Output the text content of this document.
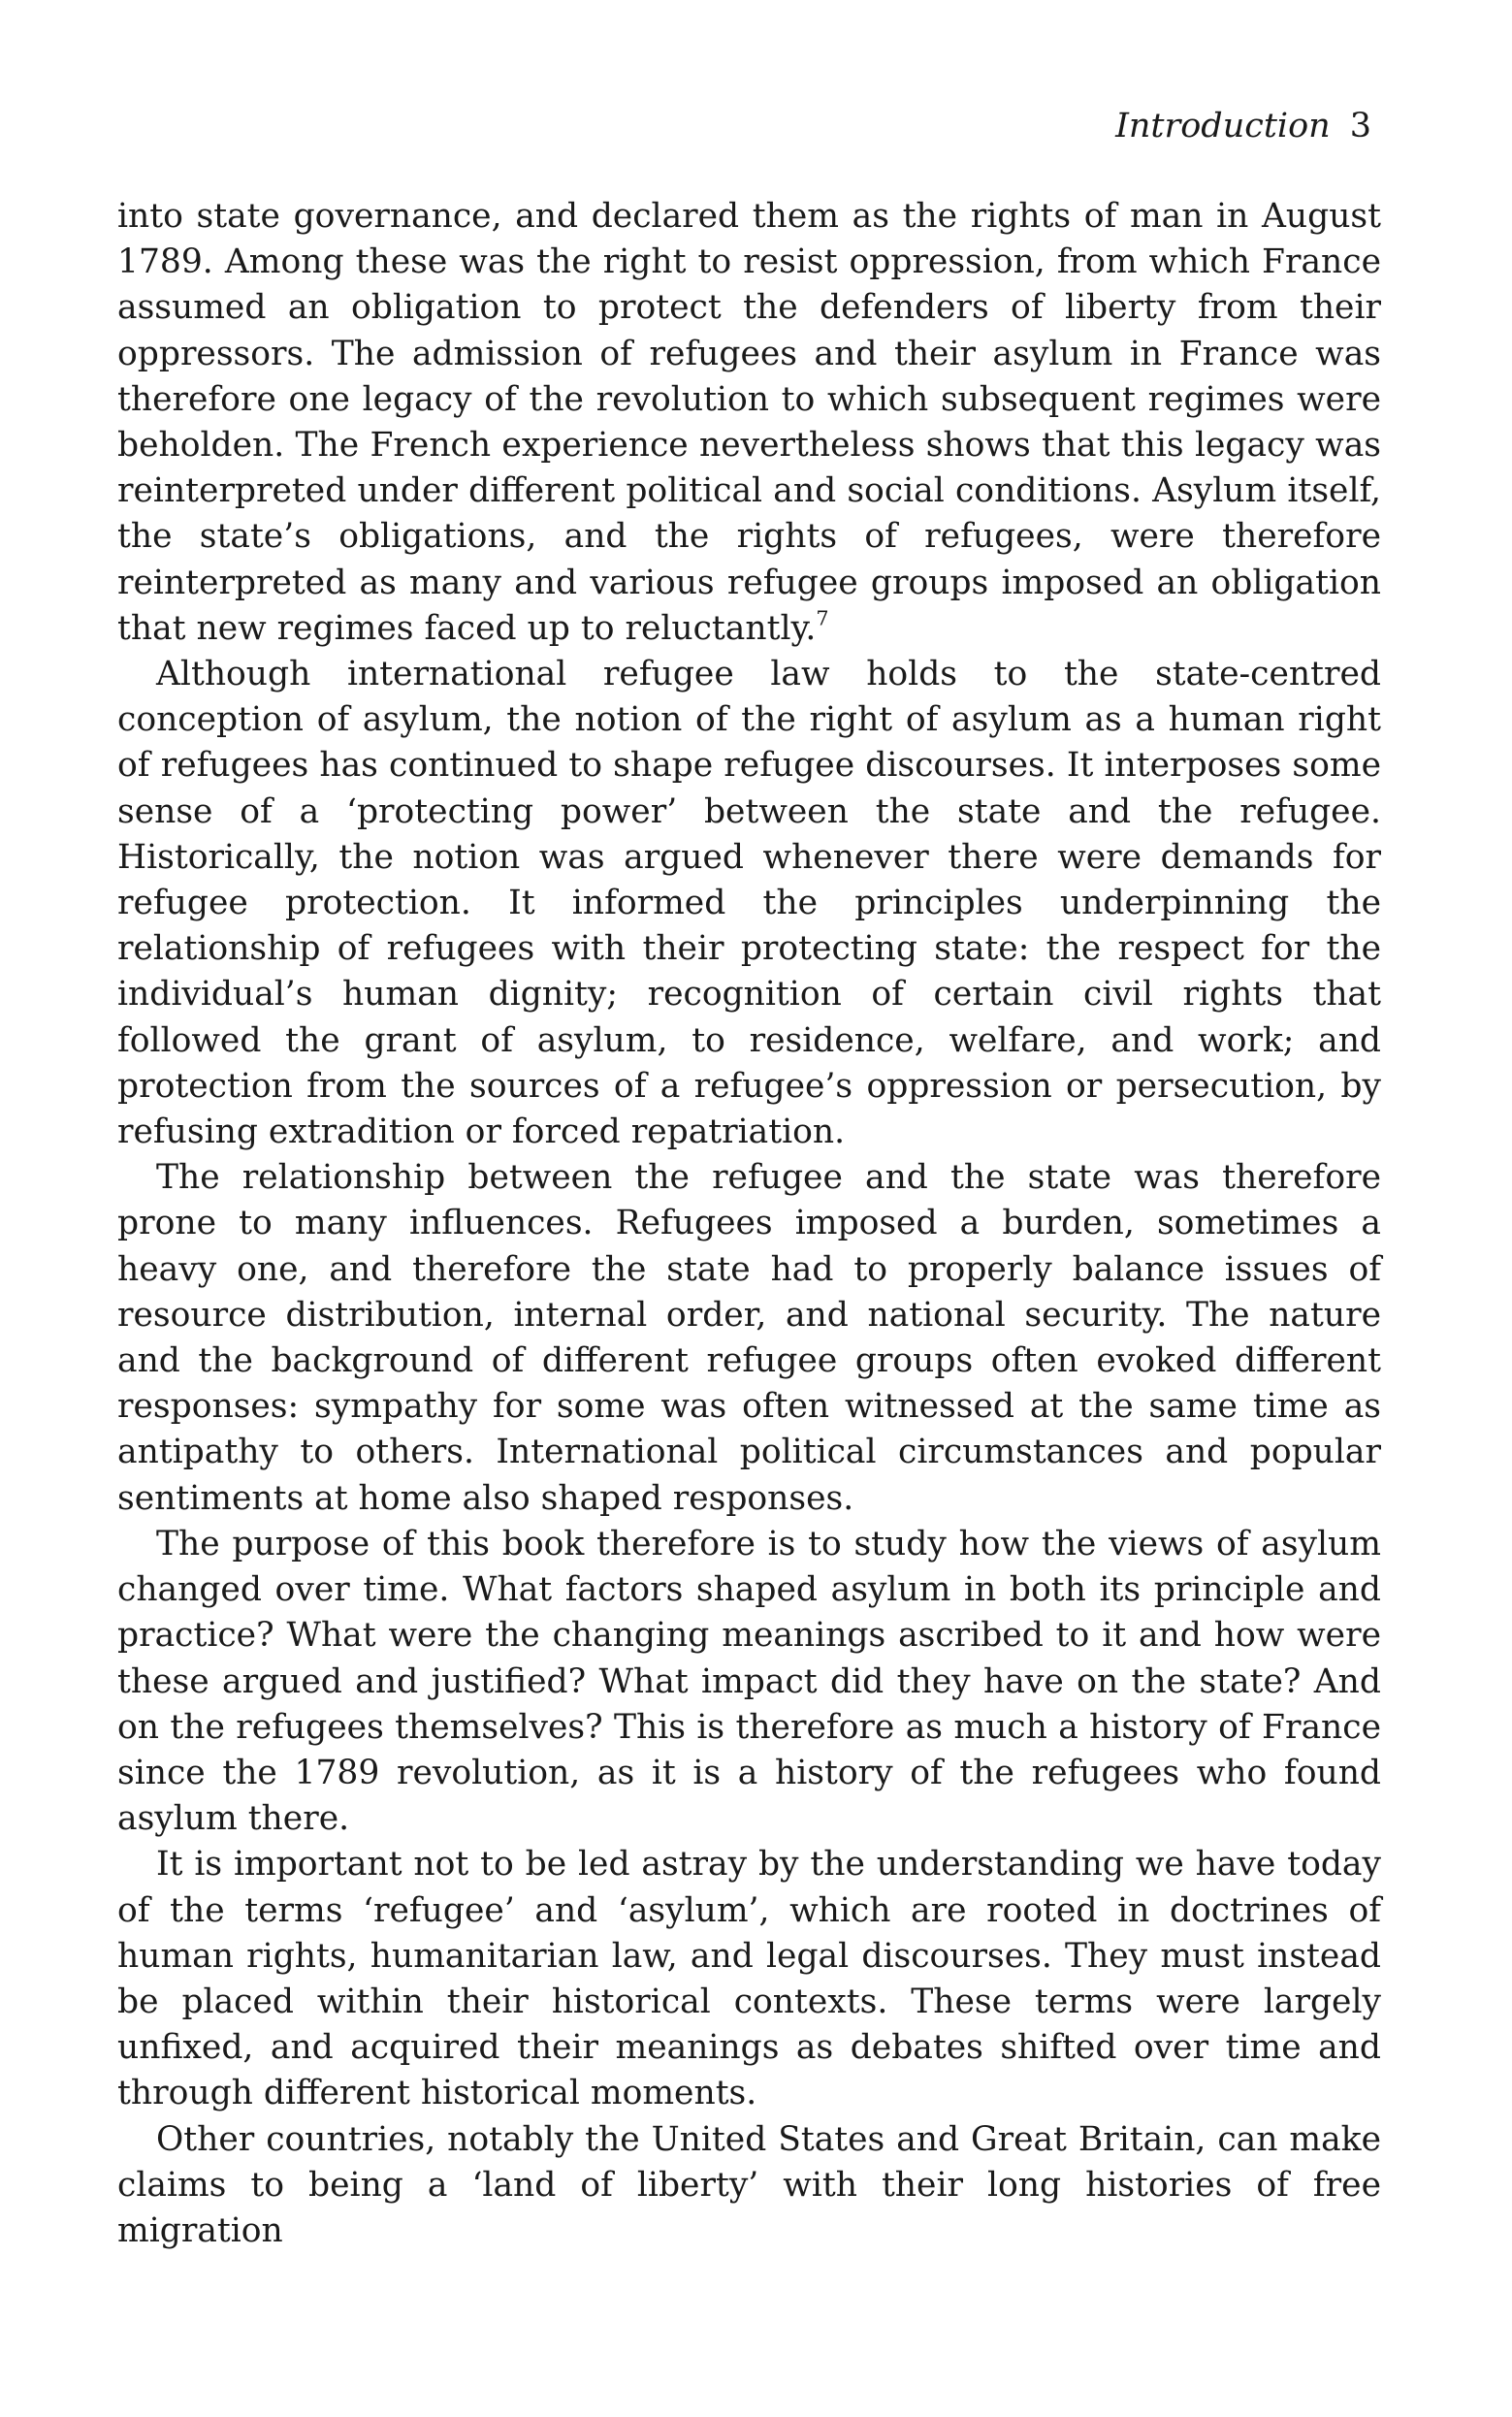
Introduction 3

into state governance, and declared them as the rights of man in August 1789. Among these was the right to resist oppression, from which France assumed an obligation to protect the defenders of liberty from their oppressors. The admission of refugees and their asylum in France was therefore one legacy of the revolution to which subsequent regimes were beholden. The French experience nevertheless shows that this legacy was reinterpreted under different political and social conditions. Asylum itself, the state’s obligations, and the rights of refugees, were therefore reinterpreted as many and various refugee groups imposed an obligation that new regimes faced up to reluctantly.$^7$

Although international refugee law holds to the state-centred conception of asylum, the notion of the right of asylum as a human right of refugees has continued to shape refugee discourses. It interposes some sense of a ‘protecting power’ between the state and the refugee. Historically, the notion was argued whenever there were demands for refugee protection. It informed the principles underpinning the relationship of refugees with their protecting state: the respect for the individual’s human dignity; recognition of certain civil rights that followed the grant of asylum, to residence, welfare, and work; and protection from the sources of a refugee’s oppression or persecution, by refusing extradition or forced repatriation.

The relationship between the refugee and the state was therefore prone to many influences. Refugees imposed a burden, sometimes a heavy one, and therefore the state had to properly balance issues of resource distribution, internal order, and national security. The nature and the background of different refugee groups often evoked different responses: sympathy for some was often witnessed at the same time as antipathy to others. International political circumstances and popular sentiments at home also shaped responses.

The purpose of this book therefore is to study how the views of asylum changed over time. What factors shaped asylum in both its principle and practice? What were the changing meanings ascribed to it and how were these argued and justified? What impact did they have on the state? And on the refugees themselves? This is therefore as much a history of France since the 1789 revolution, as it is a history of the refugees who found asylum there.

It is important not to be led astray by the understanding we have today of the terms ‘refugee’ and ‘asylum’, which are rooted in doctrines of human rights, humanitarian law, and legal discourses. They must instead be placed within their historical contexts. These terms were largely unfixed, and acquired their meanings as debates shifted over time and through different historical moments.

Other countries, notably the United States and Great Britain, can make claims to being a ‘land of liberty’ with their long histories of free migration
